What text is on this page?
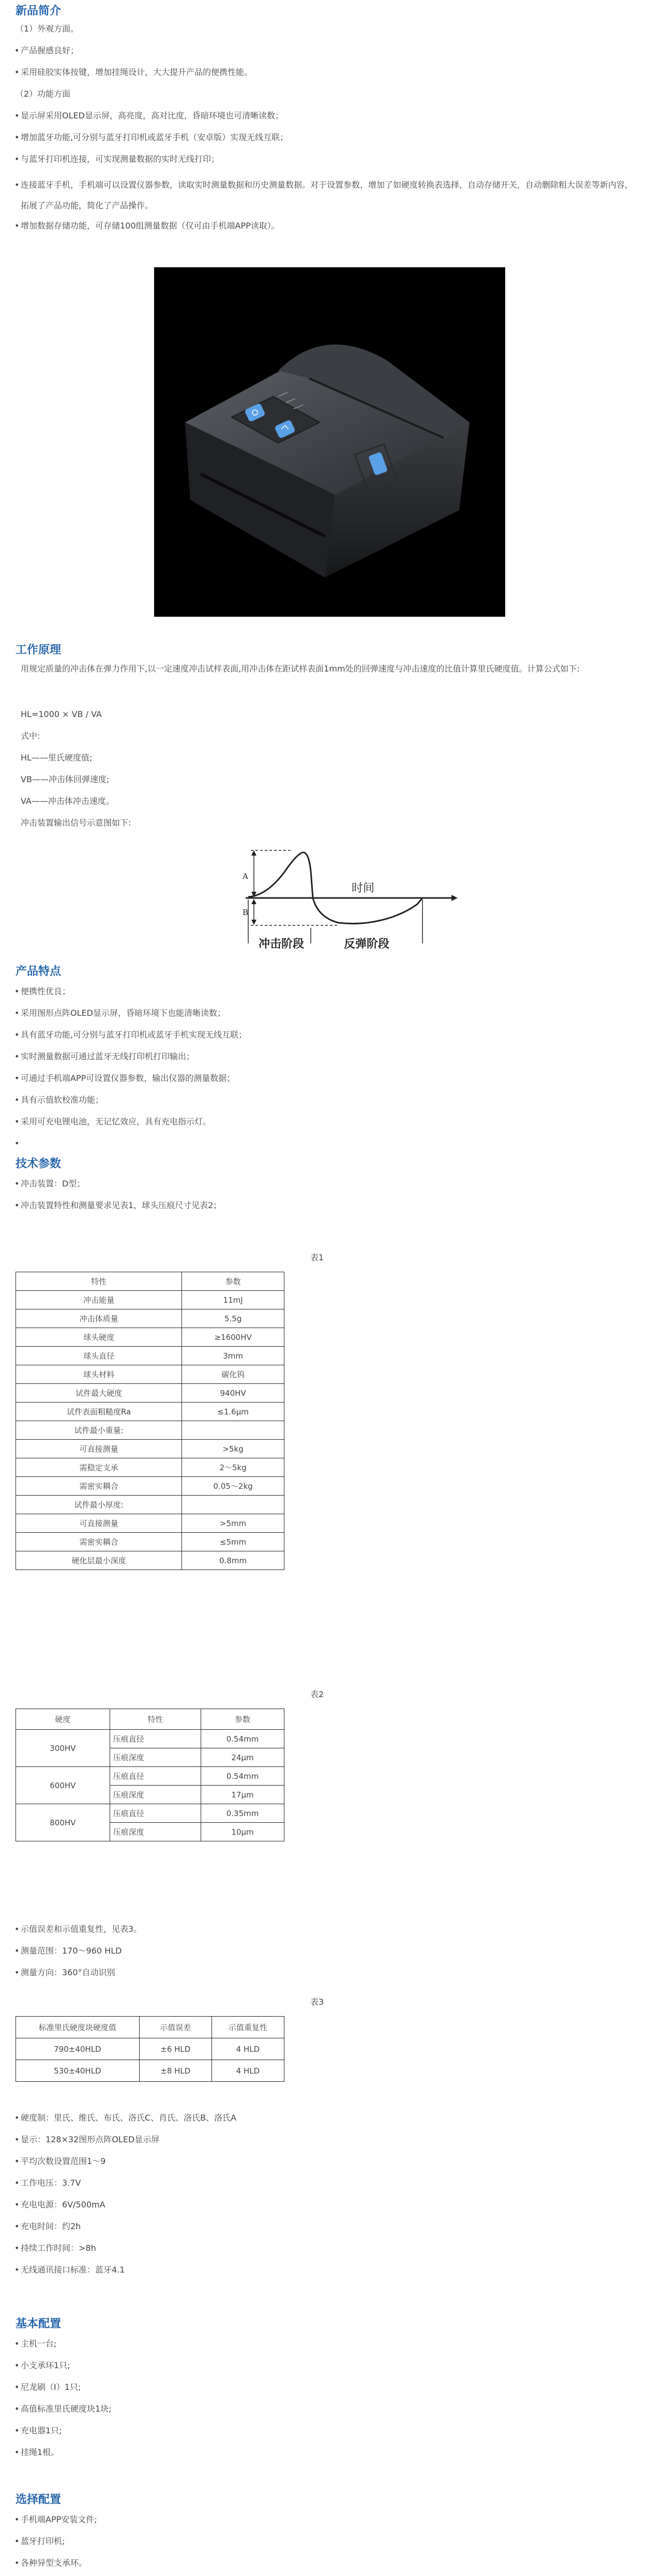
新品简介
（1）外观方面。
• 产品握感良好；
• 采用硅胶实体按键，增加挂绳设计，大大提升产品的便携性能。
（2）功能方面
• 显示屏采用OLED显示屏，高亮度，高对比度，昏暗环境也可清晰读数；
• 增加蓝牙功能,可分别与蓝牙打印机或蓝牙手机（安卓版）实现无线互联；
• 与蓝牙打印机连接，可实现测量数据的实时无线打印；
• 连接蓝牙手机，手机端可以设置仪器参数，读取实时测量数据和历史测量数据。对于设置参数，增加了如硬度转换表选择，自动存储开关，自动删除粗大误差等新内容，拓展了产品功能，简化了产品操作。
• 增加数据存储功能，可存储100组测量数据（仅可由手机端APP读取）。
工作原理
用规定质量的冲击体在弹力作用下,以一定速度冲击试样表面,用冲击体在距试样表面1mm处的回弹速度与冲击速度的比值计算里氏硬度值。计算公式如下:
HL=1000 × VB / VA
式中:
HL——里氏硬度值;
VB——冲击体回弹速度;
VA——冲击体冲击速度。
冲击装置输出信号示意图如下:
A
B
时间
冲击阶段	反弹阶段
产品特点
• 便携性优良；
• 采用图形点阵OLED显示屏，昏暗环境下也能清晰读数；
• 具有蓝牙功能,可分别与蓝牙打印机或蓝牙手机实现无线互联；
• 实时测量数据可通过蓝牙无线打印机打印输出；
• 可通过手机端APP可设置仪器参数，输出仪器的测量数据；
• 具有示值软校准功能；
• 采用可充电锂电池，无记忆效应，具有充电指示灯。
技术参数
• 冲击装置：D型；
• 冲击装置特性和测量要求见表1，球头压痕尺寸见表2；
表1
特性	参数
冲击能量	11mJ
冲击体质量	5.5g
球头硬度	≥1600HV
球头直径	3mm
球头材料	碳化钨
试件最大硬度	940HV
试件表面粗糙度Ra	≤1.6μm
试件最小重量:	
可直接测量	>5kg
需稳定支承	2～5kg
需密实耦合	0.05～2kg
试件最小厚度:	
可直接测量	>5mm
需密实耦合	≤5mm
硬化层最小深度	0.8mm
表2
硬度	特性	参数
300HV	压痕直径	0.54mm
	压痕深度	24μm
600HV	压痕直径	0.54mm
	压痕深度	17μm
800HV	压痕直径	0.35mm
	压痕深度	10μm
• 示值误差和示值重复性，见表3。
• 测量范围：170～960 HLD
• 测量方向：360°自动识别
表3
标准里氏硬度块硬度值	示值误差	示值重复性
790±40HLD	±6 HLD	4 HLD
530±40HLD	±8 HLD	4 HLD
• 硬度制：里氏、维氏、布氏、洛氏C、肖氏、洛氏B、洛氏A
• 显示：128×32图形点阵OLED显示屏
• 平均次数设置范围1～9
• 工作电压：3.7V
• 充电电源：6V/500mA
• 充电时间：约2h
• 持续工作时间：>8h
• 无线通讯接口标准：蓝牙4.1
基本配置
• 主机一台;
• 小支承环1只;
• 尼龙刷（I）1只;
• 高值标准里氏硬度块1块;
• 充电器1只;
• 挂绳1根。
选择配置
• 手机端APP安装文件;
• 蓝牙打印机;
• 各种异型支承环。
